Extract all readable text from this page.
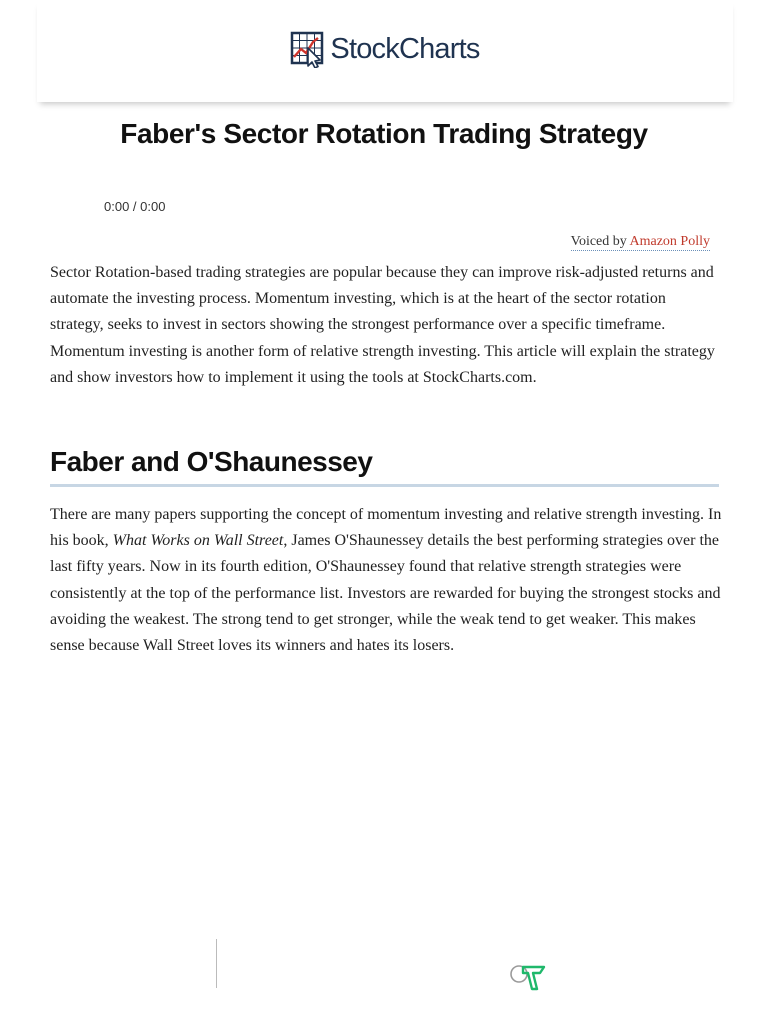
StockCharts
Faber's Sector Rotation Trading Strategy
0:00 / 0:00
Voiced by Amazon Polly

Sector Rotation-based trading strategies are popular because they can improve risk-adjusted returns and automate the investing process. Momentum investing, which is at the heart of the sector rotation strategy, seeks to invest in sectors showing the strongest performance over a specific timeframe. Momentum investing is another form of relative strength investing. This article will explain the strategy and show investors how to implement it using the tools at StockCharts.com.

Faber and O'Shaunessey

There are many papers supporting the concept of momentum investing and relative strength investing. In his book, What Works on Wall Street, James O'Shaunessey details the best performing strategies over the last fifty years. Now in its fourth edition, O'Shaunessey found that relative strength strategies were consistently at the top of the performance list. Investors are rewarded for buying the strongest stocks and avoiding the weakest. The strong tend to get stronger, while the weak tend to get weaker. This makes sense because Wall Street loves its winners and hates its losers.
